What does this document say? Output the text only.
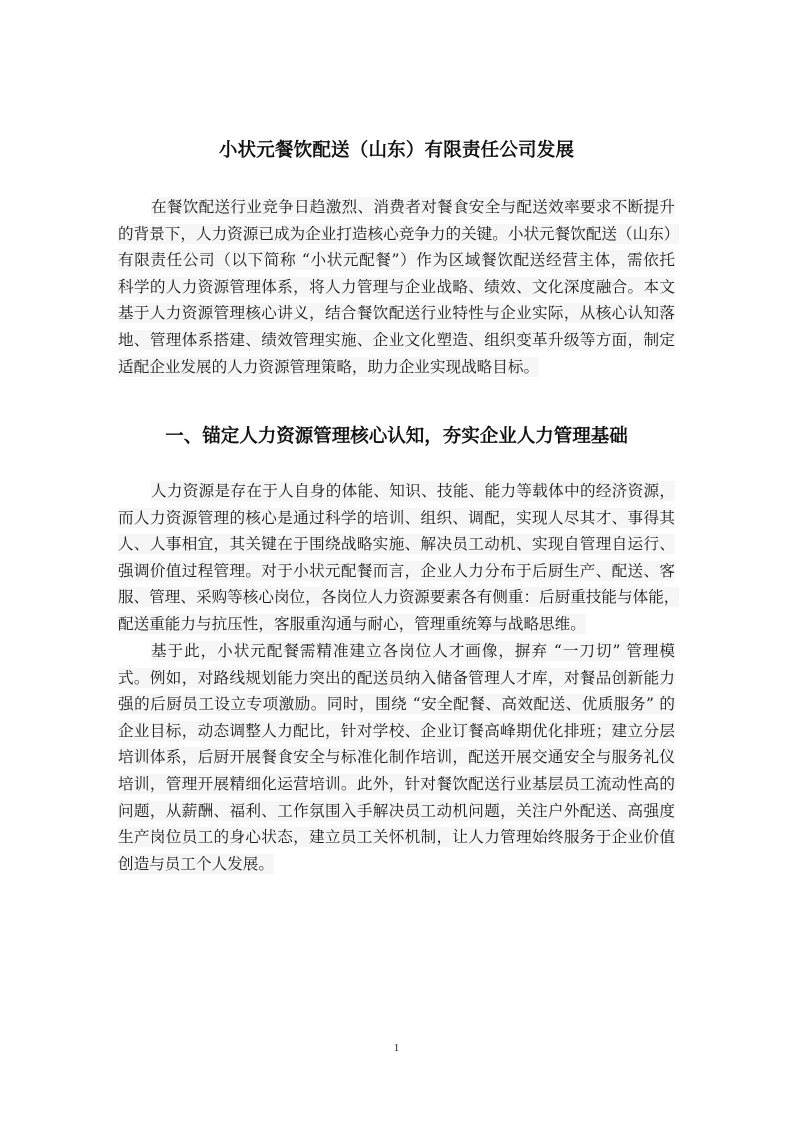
小状元餐饮配送（山东）有限责任公司发展
在餐饮配送行业竞争日趋激烈、消费者对餐食安全与配送效率要求不断提升
的背景下，人力资源已成为企业打造核心竞争力的关键。小状元餐饮配送（山东）
有限责任公司（以下简称 “小状元配餐”）作为区域餐饮配送经营主体，需依托
科学的人力资源管理体系，将人力管理与企业战略、绩效、文化深度融合。本文
基于人力资源管理核心讲义，结合餐饮配送行业特性与企业实际，从核心认知落
地、管理体系搭建、绩效管理实施、企业文化塑造、组织变革升级等方面，制定
适配企业发展的人力资源管理策略，助力企业实现战略目标。
一、锚定人力资源管理核心认知，夯实企业人力管理基础
人力资源是存在于人自身的体能、知识、技能、能力等载体中的经济资源，
而人力资源管理的核心是通过科学的培训、组织、调配，实现人尽其才、事得其
人、人事相宜，其关键在于围绕战略实施、解决员工动机、实现自管理自运行、
强调价值过程管理。对于小状元配餐而言，企业人力分布于后厨生产、配送、客
服、管理、采购等核心岗位，各岗位人力资源要素各有侧重：后厨重技能与体能，
配送重能力与抗压性，客服重沟通与耐心，管理重统筹与战略思维。
基于此，小状元配餐需精准建立各岗位人才画像，摒弃 “一刀切” 管理模
式。例如，对路线规划能力突出的配送员纳入储备管理人才库，对餐品创新能力
强的后厨员工设立专项激励。同时，围绕 “安全配餐、高效配送、优质服务” 的
企业目标，动态调整人力配比，针对学校、企业订餐高峰期优化排班；建立分层
培训体系，后厨开展餐食安全与标准化制作培训，配送开展交通安全与服务礼仪
培训，管理开展精细化运营培训。此外，针对餐饮配送行业基层员工流动性高的
问题，从薪酬、福利、工作氛围入手解决员工动机问题，关注户外配送、高强度
生产岗位员工的身心状态，建立员工关怀机制，让人力管理始终服务于企业价值
创造与员工个人发展。
1
